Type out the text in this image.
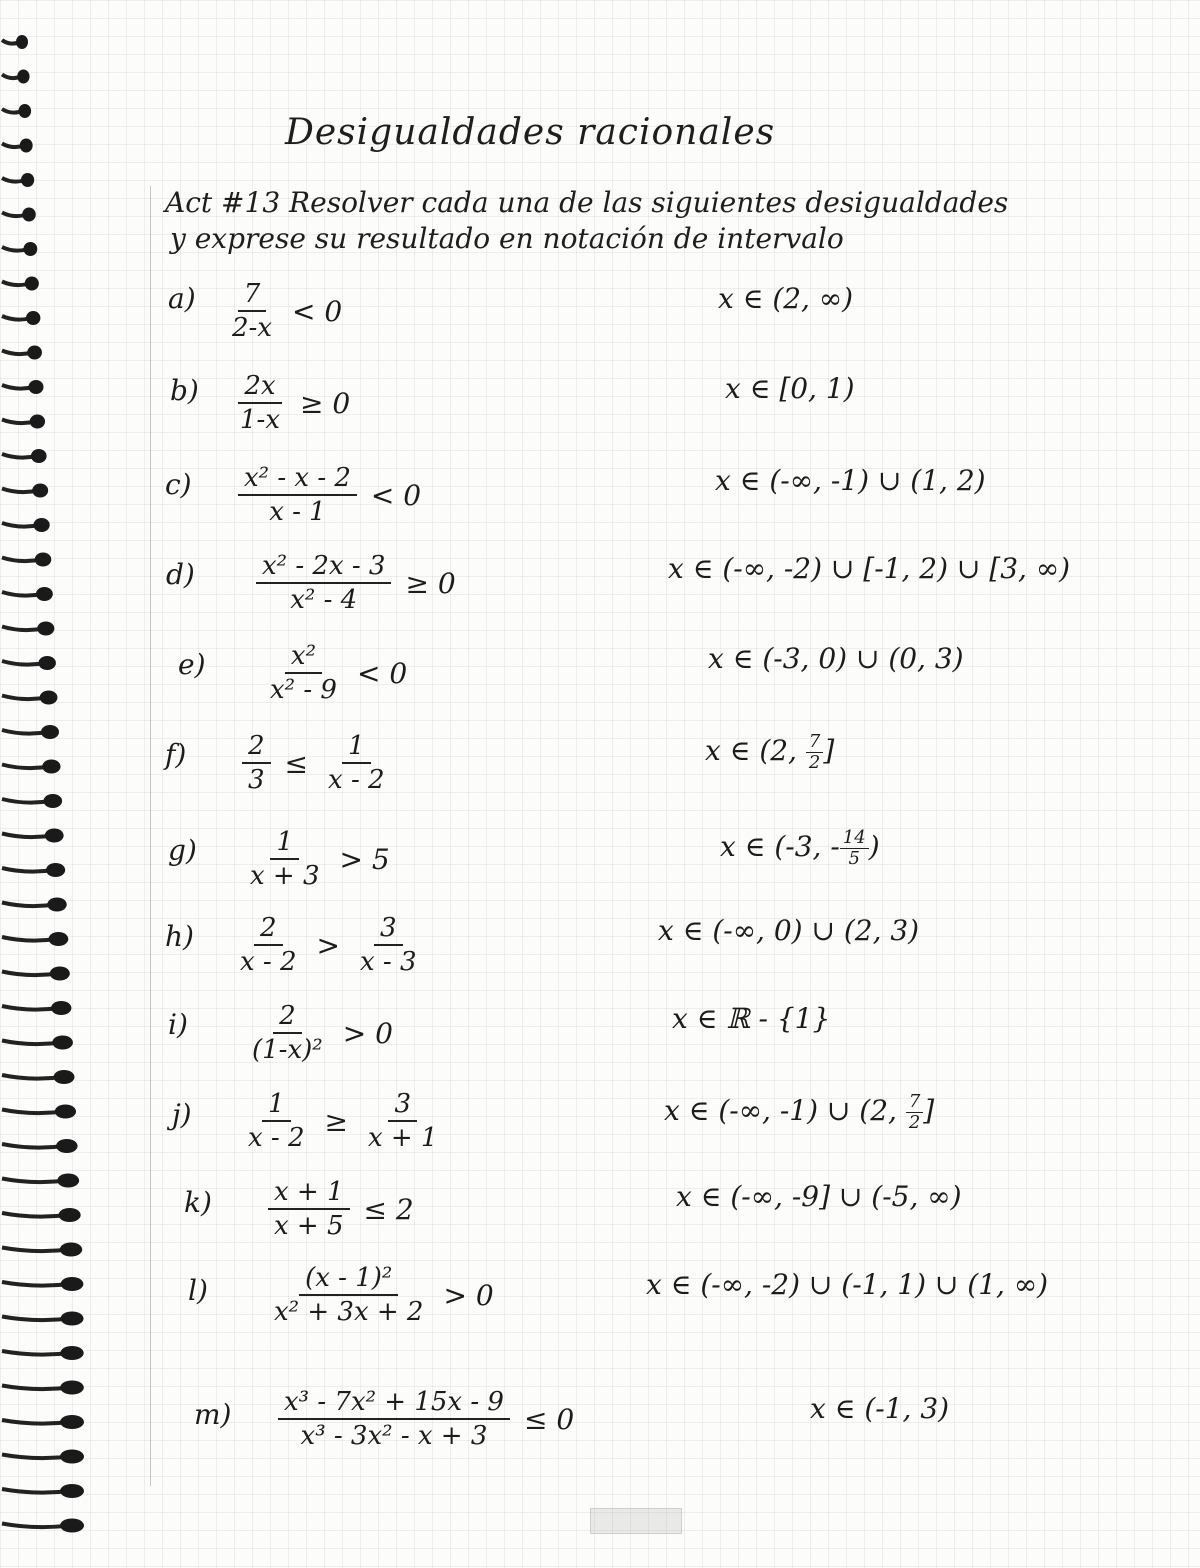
Desigualdades racionales
Act #13 Resolver cada una de las siguientes desigualdades
y exprese su resultado en notación de intervalo
$a) \frac{7}{2-x} < 0$	x ∈ (2, ∞)
$b) \frac{2x}{1-x} \ge 0$	x ∈ [0, 1)
$c) \frac{\text{x² - x - 2}}{x - 1} < 0$	x ∈ (-∞, -1) ∪ (1, 2)
$d) \frac{\text{x² - 2x - 3}}{\text{x² - 4}} \ge 0$	x ∈ (-∞, -2) ∪ [-1, 2) ∪ [3, ∞)
$e) \frac{\text{x²}}{\text{x² - 9}} < 0$	x ∈ (-3, 0) ∪ (0, 3)
$f) \frac{2}{3} \le \frac{1}{x - 2}$	x ∈ (2, $\frac{7}{2}$ ]
$g) \frac{1}{x + 3} > 5$	x ∈ (-3, - $\frac{14}{5}$ )
$h) \frac{2}{x - 2} > \frac{3}{x - 3}$	x ∈ (-∞, 0) ∪ (2, 3)
$i) \frac{2}{\text{(1-x)²}} > 0$	x ∈ ℝ - {1}
$j) \frac{1}{x - 2} \ge \frac{3}{x + 1}$	x ∈ (-∞, -1) ∪ (2, $\frac{7}{2}$ ]
$k) \frac{x + 1}{x + 5} \le 2$	x ∈ (-∞, -9] ∪ (-5, ∞)
$l) \frac{\text{(x - 1)²}}{\text{x² + 3x + 2}} > 0$	x ∈ (-∞, -2) ∪ (-1, 1) ∪ (1, ∞)
$m) \frac{\text{x³ - 7x² + 15x - 9}}{\text{x³ - 3x² - x + 3}} \le 0$	x ∈ (-1, 3)
